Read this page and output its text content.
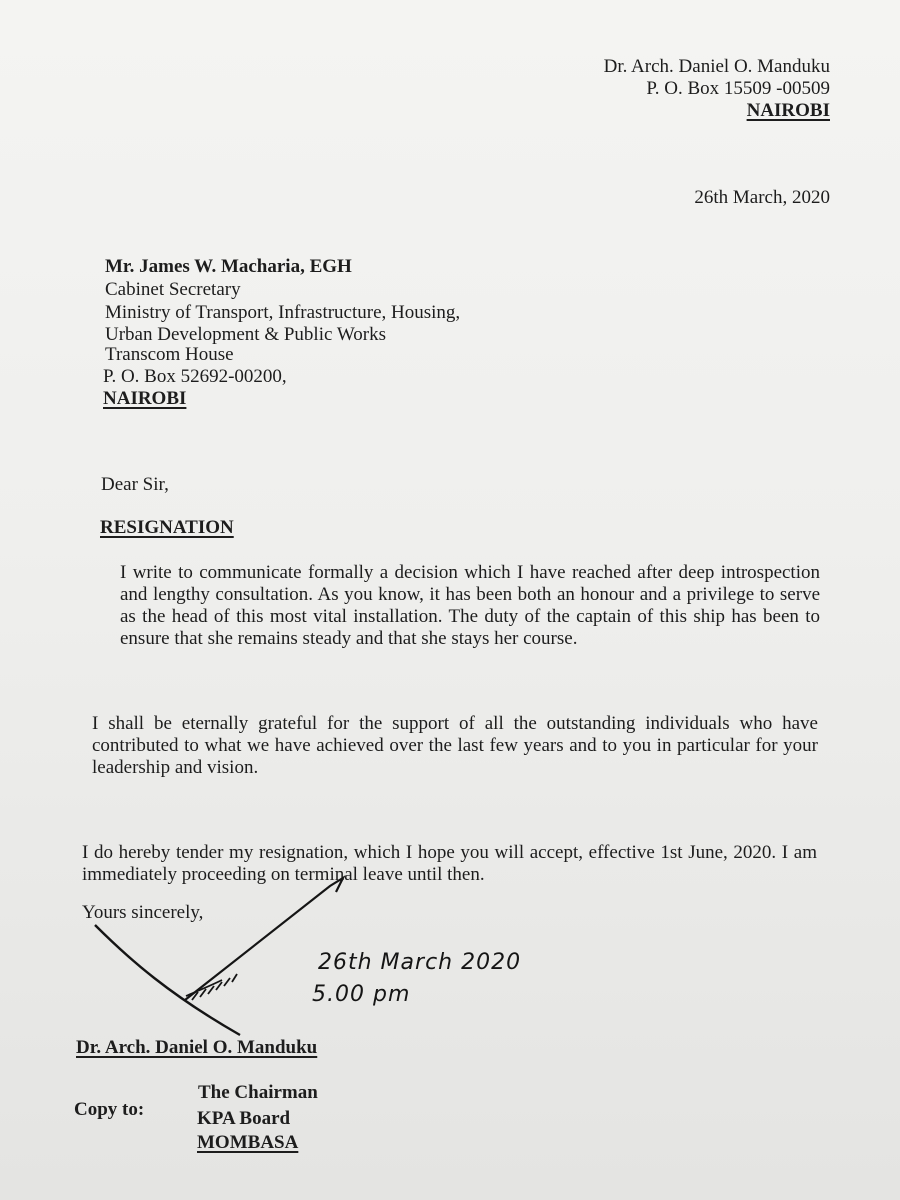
Dr. Arch. Daniel O. Manduku
P. O. Box 15509 -00509
NAIROBI
26th March, 2020
Mr. James W. Macharia, EGH
Cabinet Secretary
Ministry of Transport, Infrastructure, Housing,
Urban Development & Public Works
Transcom House
P. O. Box 52692-00200,
NAIROBI
Dear Sir,
RESIGNATION
I write to communicate formally a decision which I have reached after deep introspection and lengthy consultation. As you know, it has been both an honour and a privilege to serve as the head of this most vital installation. The duty of the captain of this ship has been to ensure that she remains steady and that she stays her course.
I shall be eternally grateful for the support of all the outstanding individuals who have contributed to what we have achieved over the last few years and to you in particular for your leadership and vision.
I do hereby tender my resignation, which I hope you will accept, effective 1st June, 2020. I am immediately proceeding on terminal leave until then.
Yours sincerely,
26th March 2020
5.00 pm
Dr. Arch. Daniel O. Manduku
Copy to:
The Chairman
KPA Board
MOMBASA
